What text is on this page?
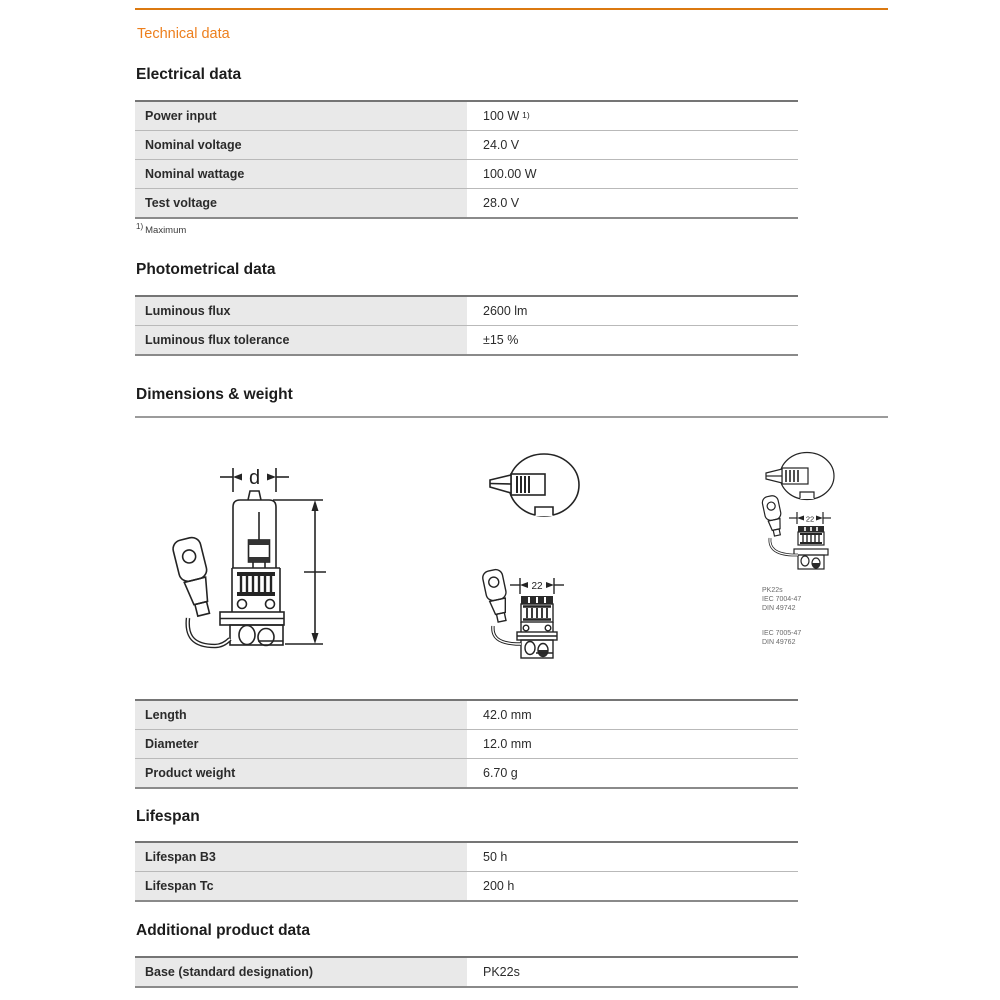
Technical data
Electrical data
Power input	100 W 1)
Nominal voltage	24.0 V
Nominal wattage	100.00 W
Test voltage	28.0 V
$^{1)}$ Maximum
Photometrical data
Luminous flux	2600 lm
Luminous flux tolerance	±15 %
Dimensions & weight
d
22
22
PK22s
IEC 7004-47
DIN 49742
IEC 7005-47
DIN 49762
Length	42.0 mm
Diameter	12.0 mm
Product weight	6.70 g
Lifespan
Lifespan B3	50 h
Lifespan Tc	200 h
Additional product data
Base (standard designation)	PK22s
